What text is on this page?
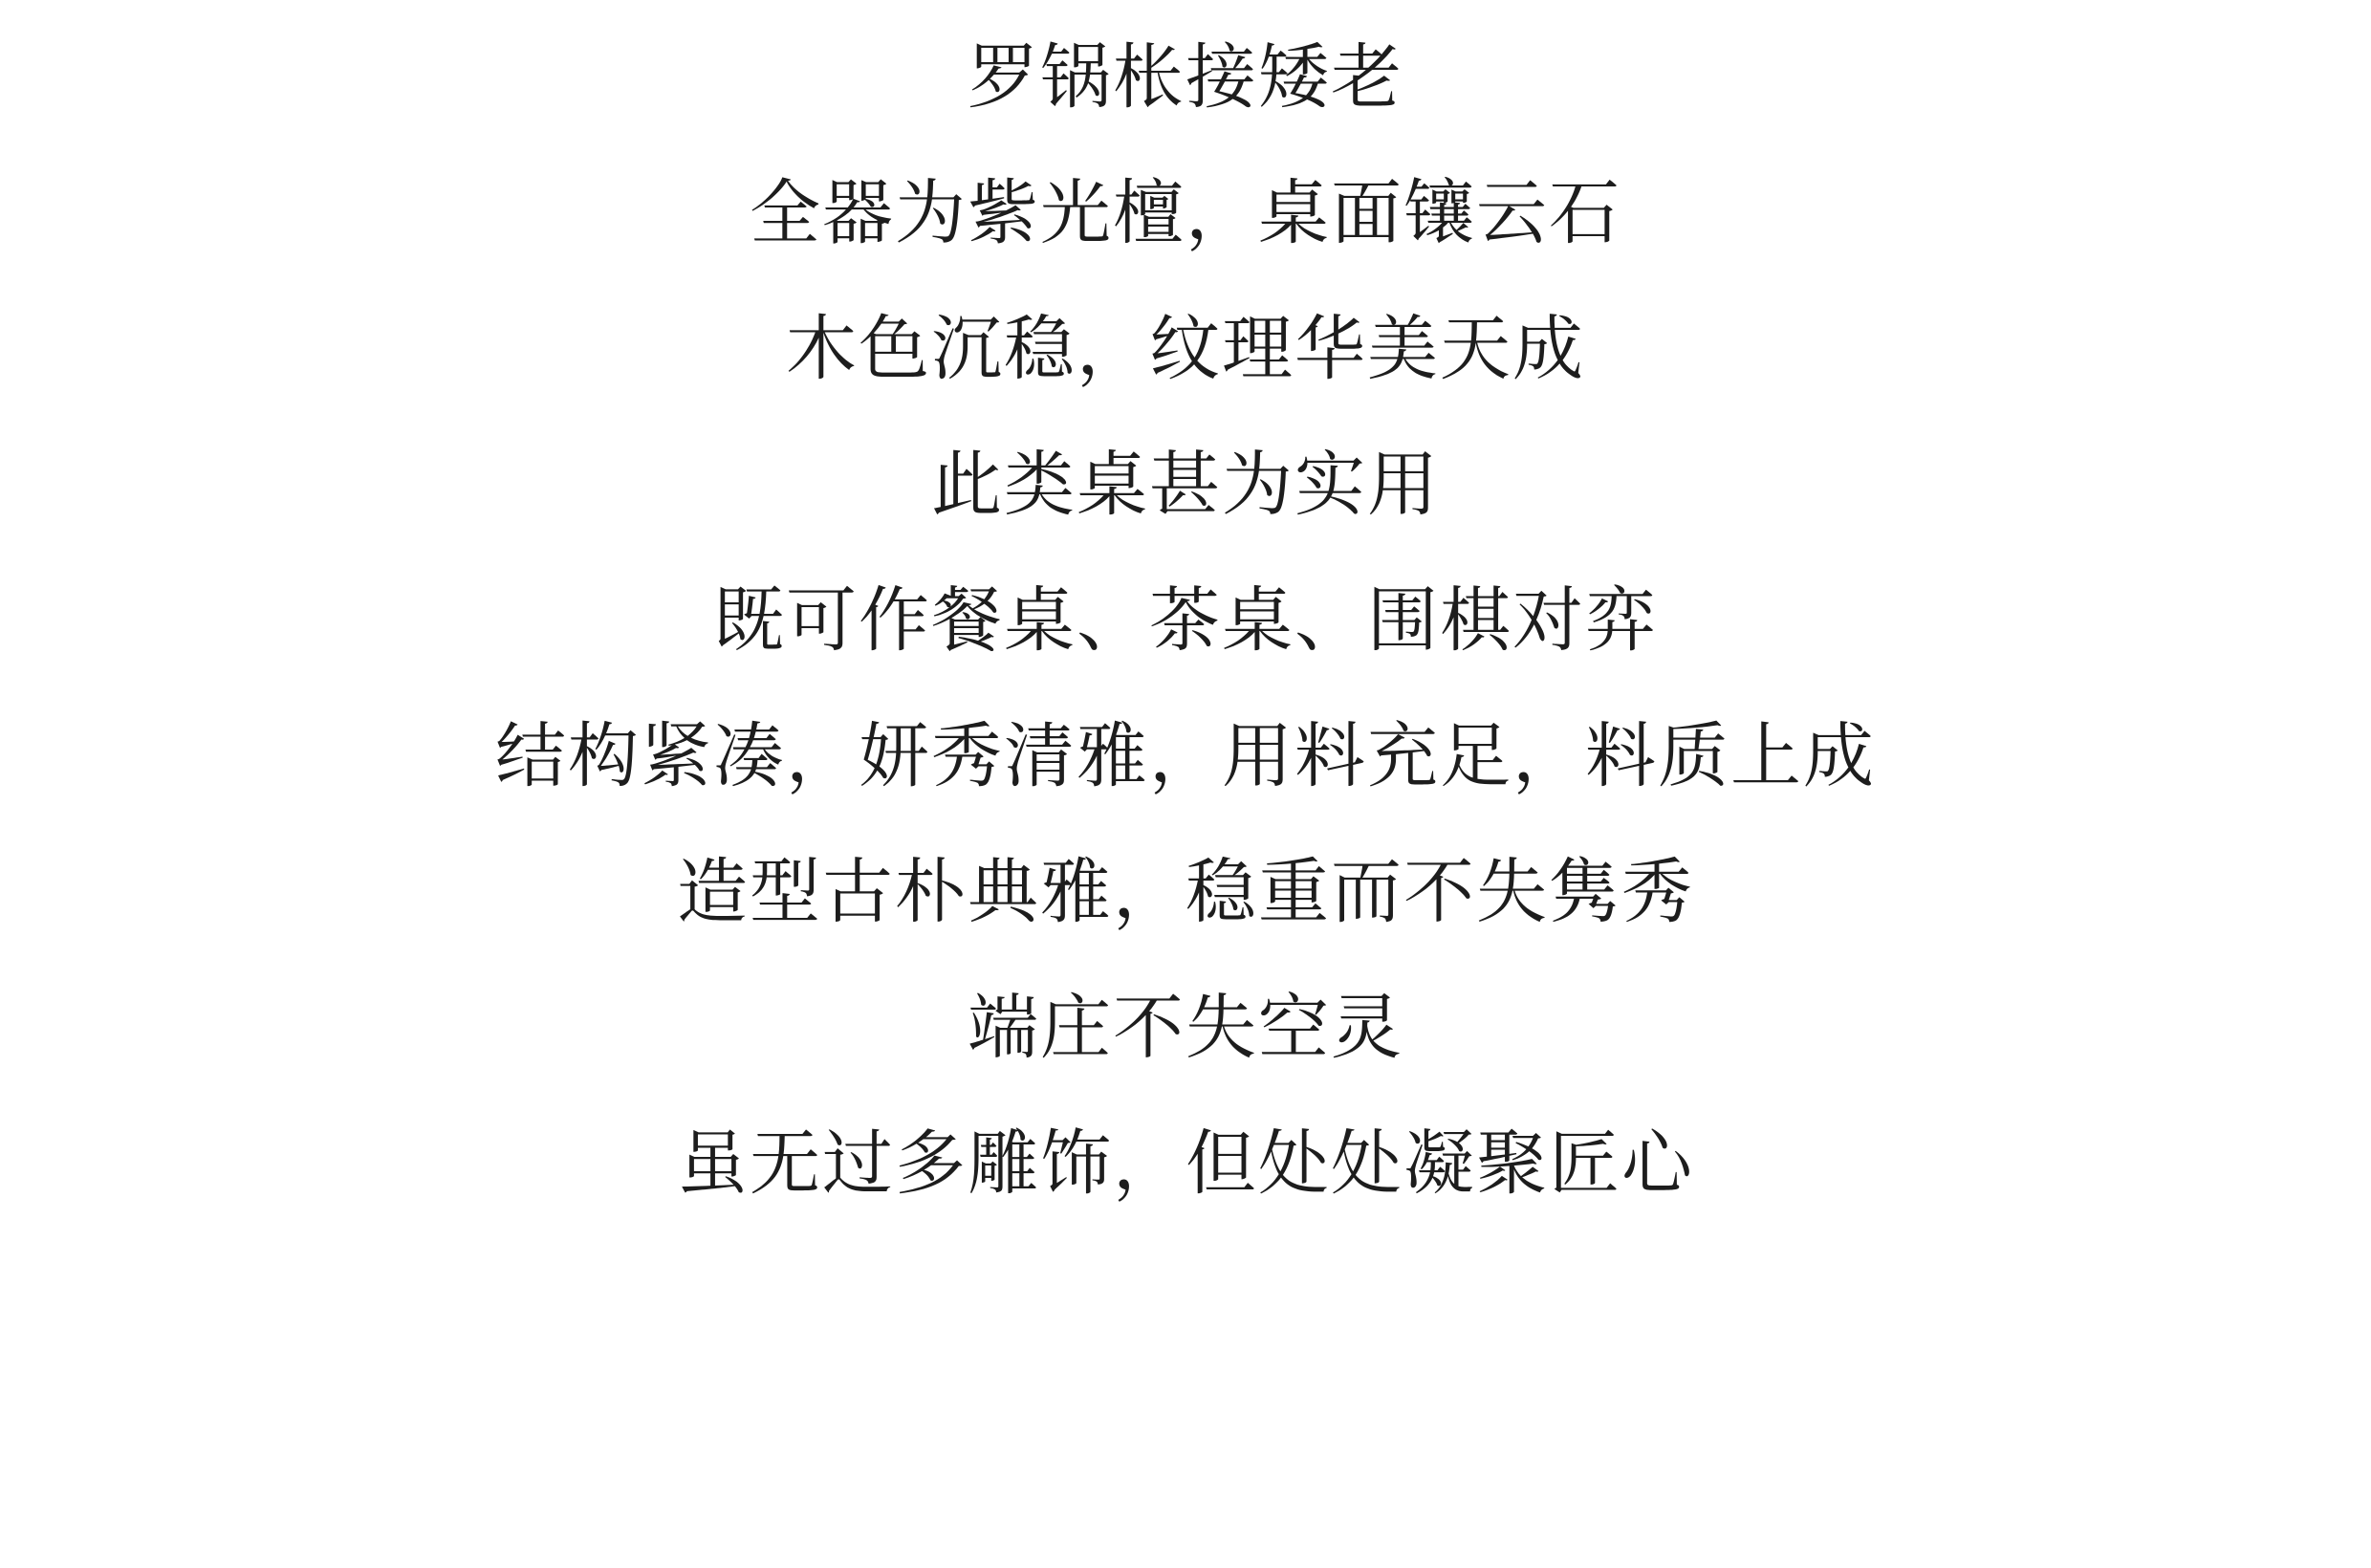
罗锅枨接矮老
全器为紫光檀，桌面镶云石
木色沉稳，纹理华美天成
此类桌甚为实用
既可作餐桌、茶桌、围棋对弈
结构紧凑，妍秀清雅，用料充足，料质上成
造型古朴典雅，稳重而不失隽秀
端庄不失空灵
虽无过多雕饰，但处处凝聚匠心
